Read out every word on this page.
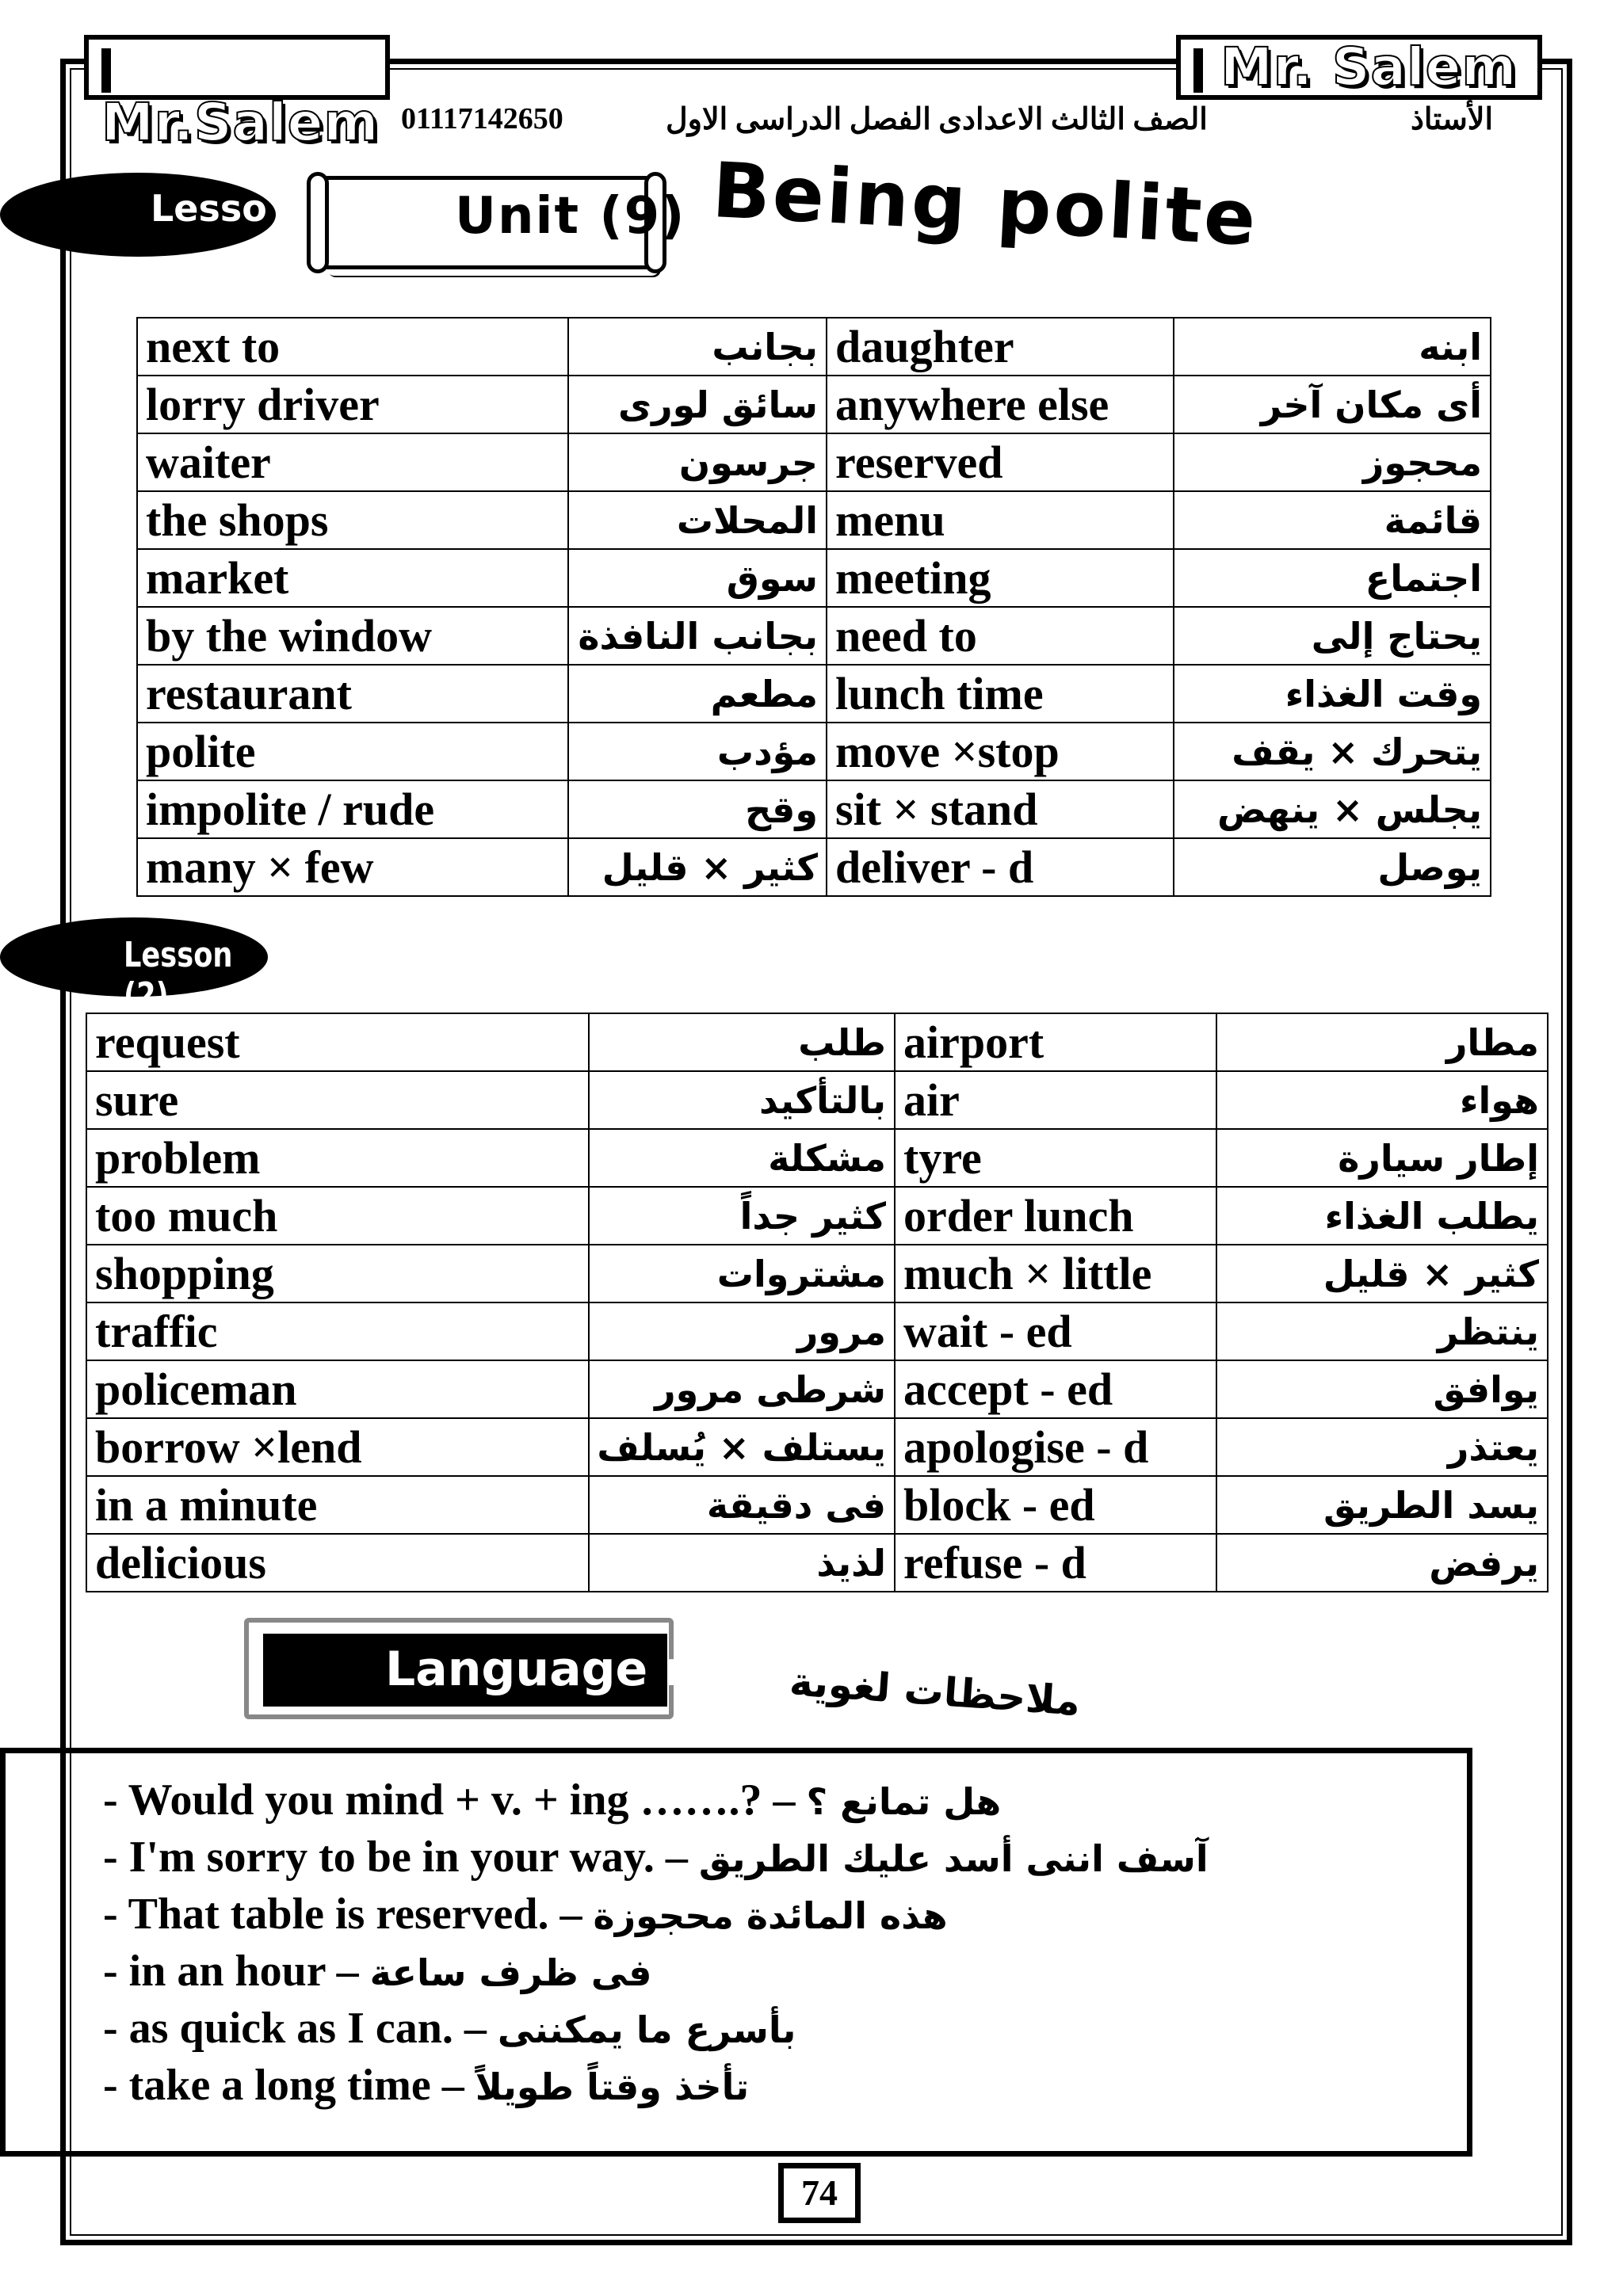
Mr.Salem
Mr. Salem
01117142650	الصف الثالث الاعدادى الفصل الدراسى الاول	الأستاذ
Lesso	Unit (9) Being polite
next to	بجانب	daughter	ابنه
lorry driver	سائق لورى	anywhere else	أى مكان آخر
waiter	جرسون	reserved	محجوز
the shops	المحلات	menu	قائمة
market	سوق	meeting	اجتماع
by the window	بجانب النافذة	need to	يحتاج إلى
restaurant	مطعم	lunch time	وقت الغذاء
polite	مؤدب	move ×stop	يتحرك × يقف
impolite / rude	وقح	sit × stand	يجلس × ينهض
many × few	كثير × قليل	deliver - d	يوصل
Lesson (2)
request	طلب	airport	مطار
sure	بالتأكيد	air	هواء
problem	مشكلة	tyre	إطار سيارة
too much	كثير جداً	order lunch	يطلب الغذاء
shopping	مشتروات	much × little	كثير × قليل
traffic	مرور	wait - ed	ينتظر
policeman	شرطى مرور	accept - ed	يوافق
borrow ×lend	يستلف × يُسلف	apologise - d	يعتذر
in a minute	فى دقيقة	block - ed	يسد الطريق
delicious	لذيذ	refuse - d	يرفض
Language no ملاحظات لغوية
- Would you mind + v. + ing …….? – هل تمانع ؟
- I'm sorry to be in your way. – آسف اننى أسد عليك الطريق
- That table is reserved. – هذه المائدة محجوزة
- in an hour – فى ظرف ساعة
- as quick as I can. – بأسرع ما يمكننى
- take a long time – تأخذ وقتاً طويلاً
74
